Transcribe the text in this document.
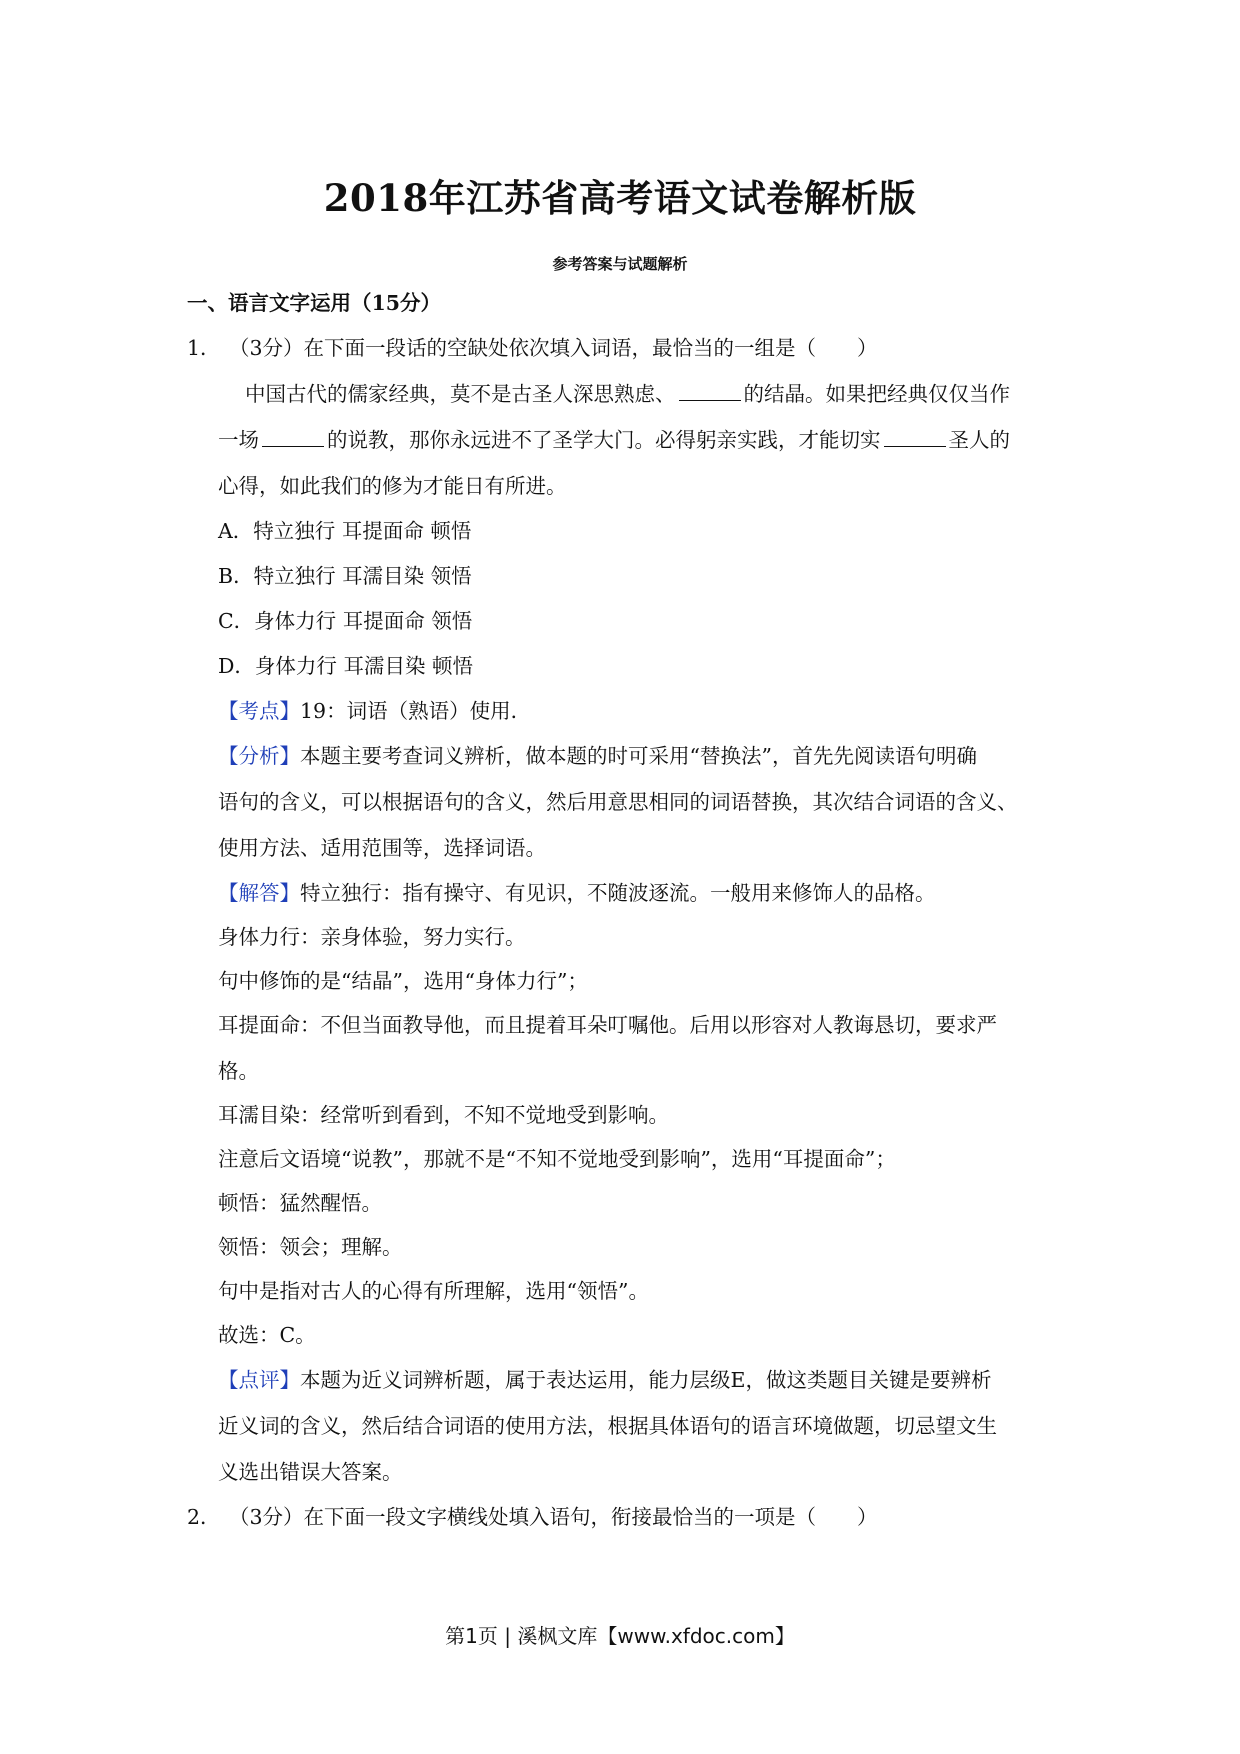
2018年江苏省高考语文试卷解析版
参考答案与试题解析
一、语言文字运用（15分）
1． （3分）在下面一段话的空缺处依次填入词语，最恰当的一组是（　　）
中国古代的儒家经典，莫不是古圣人深思熟虑、	的结晶。如果把经典仅仅当作
一场	的说教，那你永远进不了圣学大门。必得躬亲实践，才能切实	圣人的
心得，如此我们的修为才能日有所进。
A．特立独行 耳提面命 顿悟
B．特立独行 耳濡目染 领悟
C．身体力行 耳提面命 领悟
D．身体力行 耳濡目染 顿悟
【考点】19：词语（熟语）使用．
【分析】本题主要考查词义辨析，做本题的时可采用“替换法”，首先先阅读语句明确
语句的含义，可以根据语句的含义，然后用意思相同的词语替换，其次结合词语的含义、
使用方法、适用范围等，选择词语。
【解答】特立独行：指有操守、有见识，不随波逐流。一般用来修饰人的品格。
身体力行：亲身体验，努力实行。
句中修饰的是“结晶”，选用“身体力行”；
耳提面命：不但当面教导他，而且提着耳朵叮嘱他。后用以形容对人教诲恳切，要求严
格。
耳濡目染：经常听到看到，不知不觉地受到影响。
注意后文语境“说教”，那就不是“不知不觉地受到影响”，选用“耳提面命”；
顿悟：猛然醒悟。
领悟：领会；理解。
句中是指对古人的心得有所理解，选用“领悟”。
故选：C。
【点评】本题为近义词辨析题，属于表达运用，能力层级E，做这类题目关键是要辨析
近义词的含义，然后结合词语的使用方法，根据具体语句的语言环境做题，切忌望文生
义选出错误大答案。
2． （3分）在下面一段文字横线处填入语句，衔接最恰当的一项是（　　）
第1页 | 溪枫文库【www.xfdoc.com】
